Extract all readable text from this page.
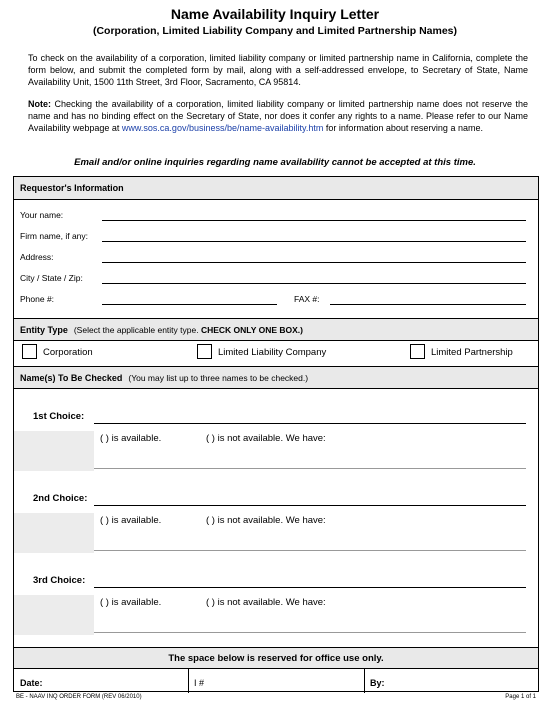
Name Availability Inquiry Letter
(Corporation, Limited Liability Company and Limited Partnership Names)
To check on the availability of a corporation, limited liability company or limited partnership name in California, complete the form below, and submit the completed form by mail, along with a self-addressed envelope, to Secretary of State, Name Availability Unit, 1500 11th Street, 3rd Floor, Sacramento, CA 95814.
Note: Checking the availability of a corporation, limited liability company or limited partnership name does not reserve the name and has no binding effect on the Secretary of State, nor does it confer any rights to a name. Please refer to our Name Availability webpage at www.sos.ca.gov/business/be/name-availability.htm for information about reserving a name.
Email and/or online inquiries regarding name availability cannot be accepted at this time.
Requestor's Information
Your name:
Firm name, if any:
Address:
City / State / Zip:
Phone #:	FAX #:
Entity Type (Select the applicable entity type. CHECK ONLY ONE BOX.)
Corporation	Limited Liability Company	Limited Partnership
Name(s) To Be Checked (You may list up to three names to be checked.)
1st Choice:
( ) is available.	( ) is not available. We have:
2nd Choice:
( ) is available.	( ) is not available. We have:
3rd Choice:
( ) is available.	( ) is not available. We have:
The space below is reserved for office use only.
Date:	I #	By:
BE - NAAV INQ ORDER FORM (REV 06/2010)	Page 1 of 1
